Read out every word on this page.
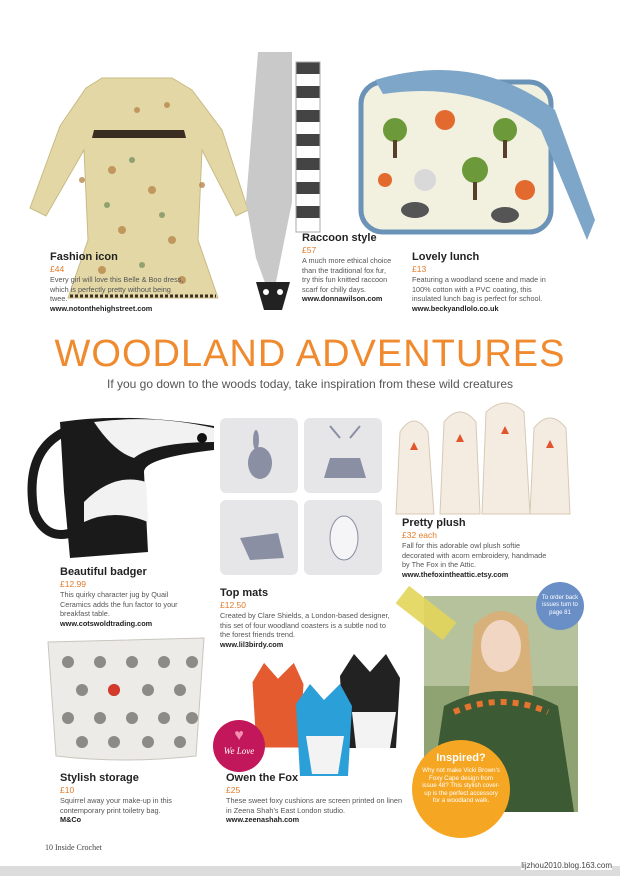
Fashion icon

£44
Every girl will love this Belle & Boo dress, which is perfectly pretty without being twee.
www.notonthehighstreet.com

Raccoon style

£57
A much more ethical choice than the traditional fox fur, try this fun knitted raccoon scarf for chilly days.
www.donnawilson.com

Lovely lunch

£13
Featuring a woodland scene and made in 100% cotton with a PVC coating, this insulated lunch bag is perfect for school.
www.beckyandlolo.co.uk
WOODLAND ADVENTURES
If you go down to the woods today, take inspiration from these wild creatures

Beautiful badger

£12.99
This quirky character jug by Quail Ceramics adds the fun factor to your breakfast table.
www.cotswoldtrading.com

Top mats

£12.50
Created by Clare Shields, a London-based designer, this set of four woodland coasters is a subtle nod to the forest friends trend.
www.lil3birdy.com

Pretty plush

£32 each
Fall for this adorable owl plush softie decorated with acorn embroidery, handmade by The Fox in the Attic.
www.thefoxintheattic.etsy.com

Stylish storage

£10
Squirrel away your make-up in this contemporary print toiletry bag.
M&Co

Owen the Fox

£25
These sweet foxy cushions are screen printed on linen in Zeena Shah's East London studio.
www.zeenashah.com
To order back issues turn to page 81
♥
We Love
Inspired?
Why not make Vicki Brown's Foxy Cape design from issue 48? This stylish cover-up is the perfect accessory for a woodland walk.
10 Inside Crochet
lijzhou2010.blog.163.com
